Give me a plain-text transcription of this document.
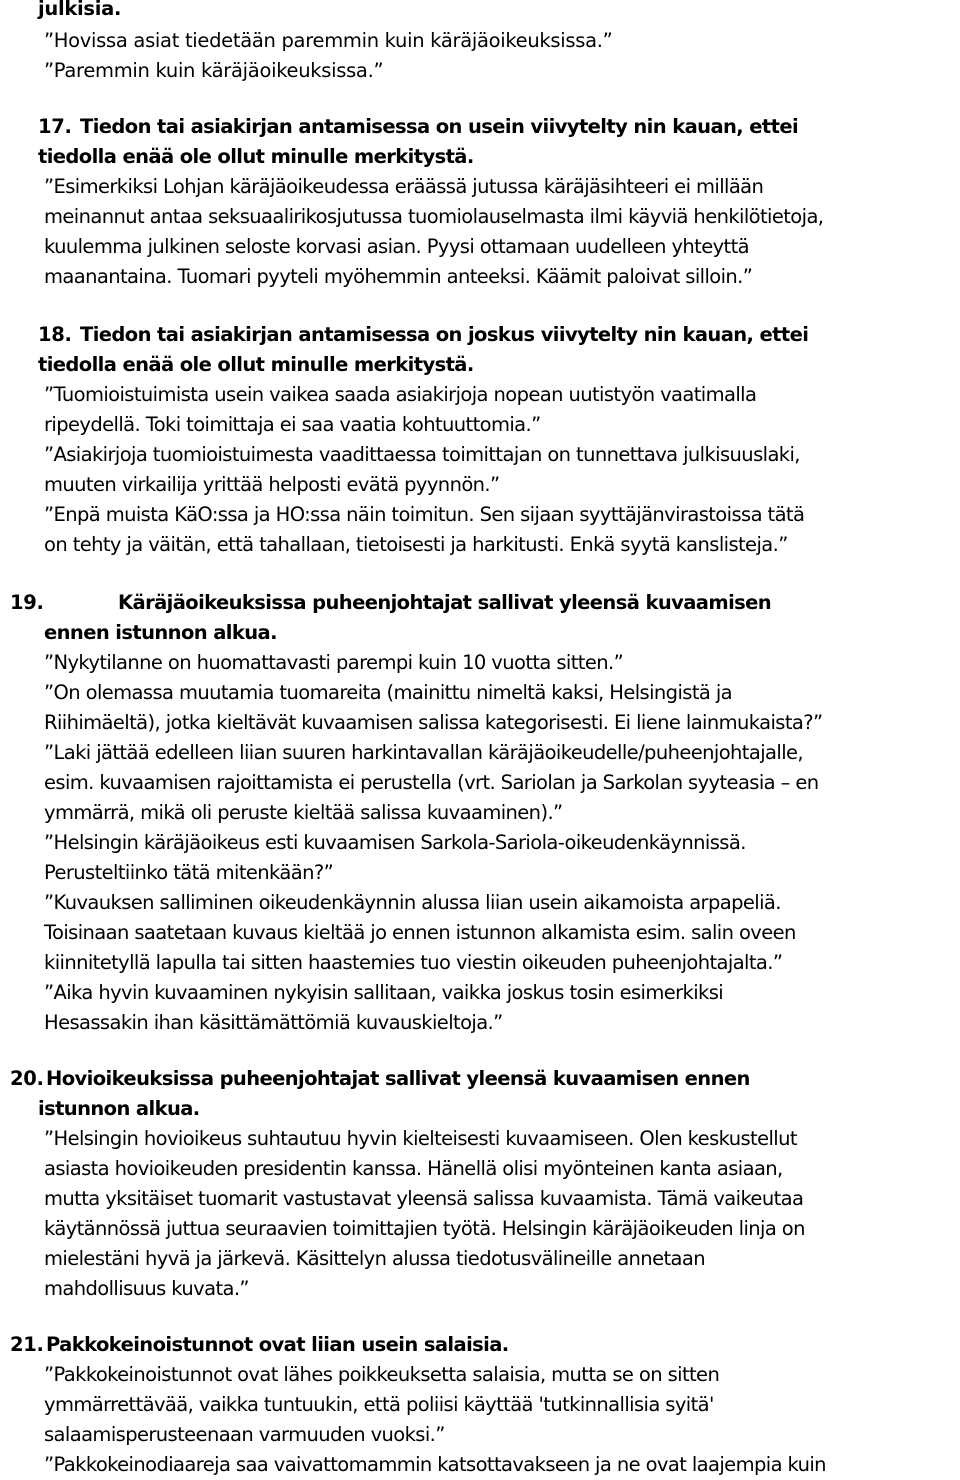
julkisia.
”Hovissa asiat tiedetään paremmin kuin käräjäoikeuksissa.”
”Paremmin kuin käräjäoikeuksissa.”
17. Tiedon tai asiakirjan antamisessa on usein viivytelty nin kauan, ettei
tiedolla enää ole ollut minulle merkitystä.
”Esimerkiksi Lohjan käräjäoikeudessa eräässä jutussa käräjäsihteeri ei millään
meinannut antaa seksuaalirikosjutussa tuomiolauselmasta ilmi käyviä henkilötietoja,
kuulemma julkinen seloste korvasi asian. Pyysi ottamaan uudelleen yhteyttä
maanantaina. Tuomari pyyteli myöhemmin anteeksi. Käämit paloivat silloin.”
18. Tiedon tai asiakirjan antamisessa on joskus viivytelty nin kauan, ettei
tiedolla enää ole ollut minulle merkitystä.
”Tuomioistuimista usein vaikea saada asiakirjoja nopean uutistyön vaatimalla
ripeydellä. Toki toimittaja ei saa vaatia kohtuuttomia.”
”Asiakirjoja tuomioistuimesta vaadittaessa toimittajan on tunnettava julkisuuslaki,
muuten virkailija yrittää helposti evätä pyynnön.”
”Enpä muista KäO:ssa ja HO:ssa näin toimitun. Sen sijaan syyttäjänvirastoissa tätä
on tehty ja väitän, että tahallaan, tietoisesti ja harkitusti. Enkä syytä kanslisteja.”
19.	Käräjäoikeuksissa puheenjohtajat sallivat yleensä kuvaamisen
ennen istunnon alkua.
”Nykytilanne on huomattavasti parempi kuin 10 vuotta sitten.”
”On olemassa muutamia tuomareita (mainittu nimeltä kaksi, Helsingistä ja
Riihimäeltä), jotka kieltävät kuvaamisen salissa kategorisesti. Ei liene lainmukaista?”
”Laki jättää edelleen liian suuren harkintavallan käräjäoikeudelle/puheenjohtajalle,
esim. kuvaamisen rajoittamista ei perustella (vrt. Sariolan ja Sarkolan syyteasia – en
ymmärrä, mikä oli peruste kieltää salissa kuvaaminen).”
”Helsingin käräjäoikeus esti kuvaamisen Sarkola-Sariola-oikeudenkäynnissä.
Perusteltiinko tätä mitenkään?”
”Kuvauksen salliminen oikeudenkäynnin alussa liian usein aikamoista arpapeliä.
Toisinaan saatetaan kuvaus kieltää jo ennen istunnon alkamista esim. salin oveen
kiinnitetyllä lapulla tai sitten haastemies tuo viestin oikeuden puheenjohtajalta.”
”Aika hyvin kuvaaminen nykyisin sallitaan, vaikka joskus tosin esimerkiksi
Hesassakin ihan käsittämättömiä kuvauskieltoja.”
20. Hovioikeuksissa puheenjohtajat sallivat yleensä kuvaamisen ennen
istunnon alkua.
”Helsingin hovioikeus suhtautuu hyvin kielteisesti kuvaamiseen. Olen keskustellut
asiasta hovioikeuden presidentin kanssa. Hänellä olisi myönteinen kanta asiaan,
mutta yksitäiset tuomarit vastustavat yleensä salissa kuvaamista. Tämä vaikeutaa
käytännössä juttua seuraavien toimittajien työtä. Helsingin käräjäoikeuden linja on
mielestäni hyvä ja järkevä. Käsittelyn alussa tiedotusvälineille annetaan
mahdollisuus kuvata.”
21. Pakkokeinoistunnot ovat liian usein salaisia.
”Pakkokeinoistunnot ovat lähes poikkeuksetta salaisia, mutta se on sitten
ymmärrettävää, vaikka tuntuukin, että poliisi käyttää 'tutkinnallisia syitä'
salaamisperusteenaan varmuuden vuoksi.”
”Pakkokeinodiaareja saa vaivattomammin katsottavakseen ja ne ovat laajempia kuin
